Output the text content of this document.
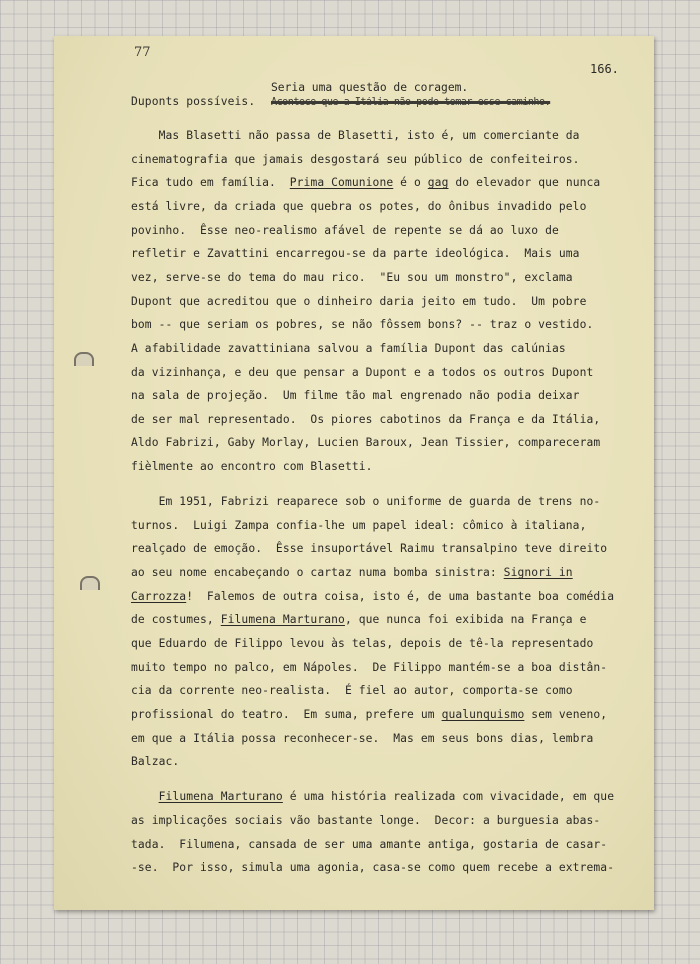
77
166.
Seria uma questão de coragem.
Acontece que a Itália não pode tomar esse caminho.
Duponts possíveis.
Mas Blasetti não passa de Blasetti, isto é, um comerciante da
cinematografia que jamais desgostará seu público de confeiteiros.
Fica tudo em família.  Prima Comunione é o gag do elevador que nunca
está livre, da criada que quebra os potes, do ônibus invadido pelo
povinho.  Êsse neo-realismo afável de repente se dá ao luxo de
refletir e Zavattini encarregou-se da parte ideológica.  Mais uma
vez, serve-se do tema do mau rico.  "Eu sou um monstro", exclama
Dupont que acreditou que o dinheiro daria jeito em tudo.  Um pobre
bom -- que seriam os pobres, se não fôssem bons? -- traz o vestido.
A afabilidade zavattiniana salvou a família Dupont das calúnias
da vizinhança, e deu que pensar a Dupont e a todos os outros Dupont
na sala de projeção.  Um filme tão mal engrenado não podia deixar
de ser mal representado.  Os piores cabotinos da França e da Itália,
Aldo Fabrizi, Gaby Morlay, Lucien Baroux, Jean Tissier, compareceram
fièlmente ao encontro com Blasetti.
Em 1951, Fabrizi reaparece sob o uniforme de guarda de trens no-
turnos.  Luigi Zampa confia-lhe um papel ideal: cômico à italiana,
realçado de emoção.  Êsse insuportável Raimu transalpino teve direito
ao seu nome encabeçando o cartaz numa bomba sinistra: Signori in
Carrozza!  Falemos de outra coisa, isto é, de uma bastante boa comédia
de costumes, Filumena Marturano, que nunca foi exibida na França e
que Eduardo de Filippo levou às telas, depois de tê-la representado
muito tempo no palco, em Nápoles.  De Filippo mantém-se a boa distân-
cia da corrente neo-realista.  É fiel ao autor, comporta-se como
profissional do teatro.  Em suma, prefere um qualunquismo sem veneno,
em que a Itália possa reconhecer-se.  Mas em seus bons dias, lembra
Balzac.
Filumena Marturano é uma história realizada com vivacidade, em que
as implicações sociais vão bastante longe.  Decor: a burguesia abas-
tada.  Filumena, cansada de ser uma amante antiga, gostaria de casar-
-se.  Por isso, simula uma agonia, casa-se como quem recebe a extrema-
